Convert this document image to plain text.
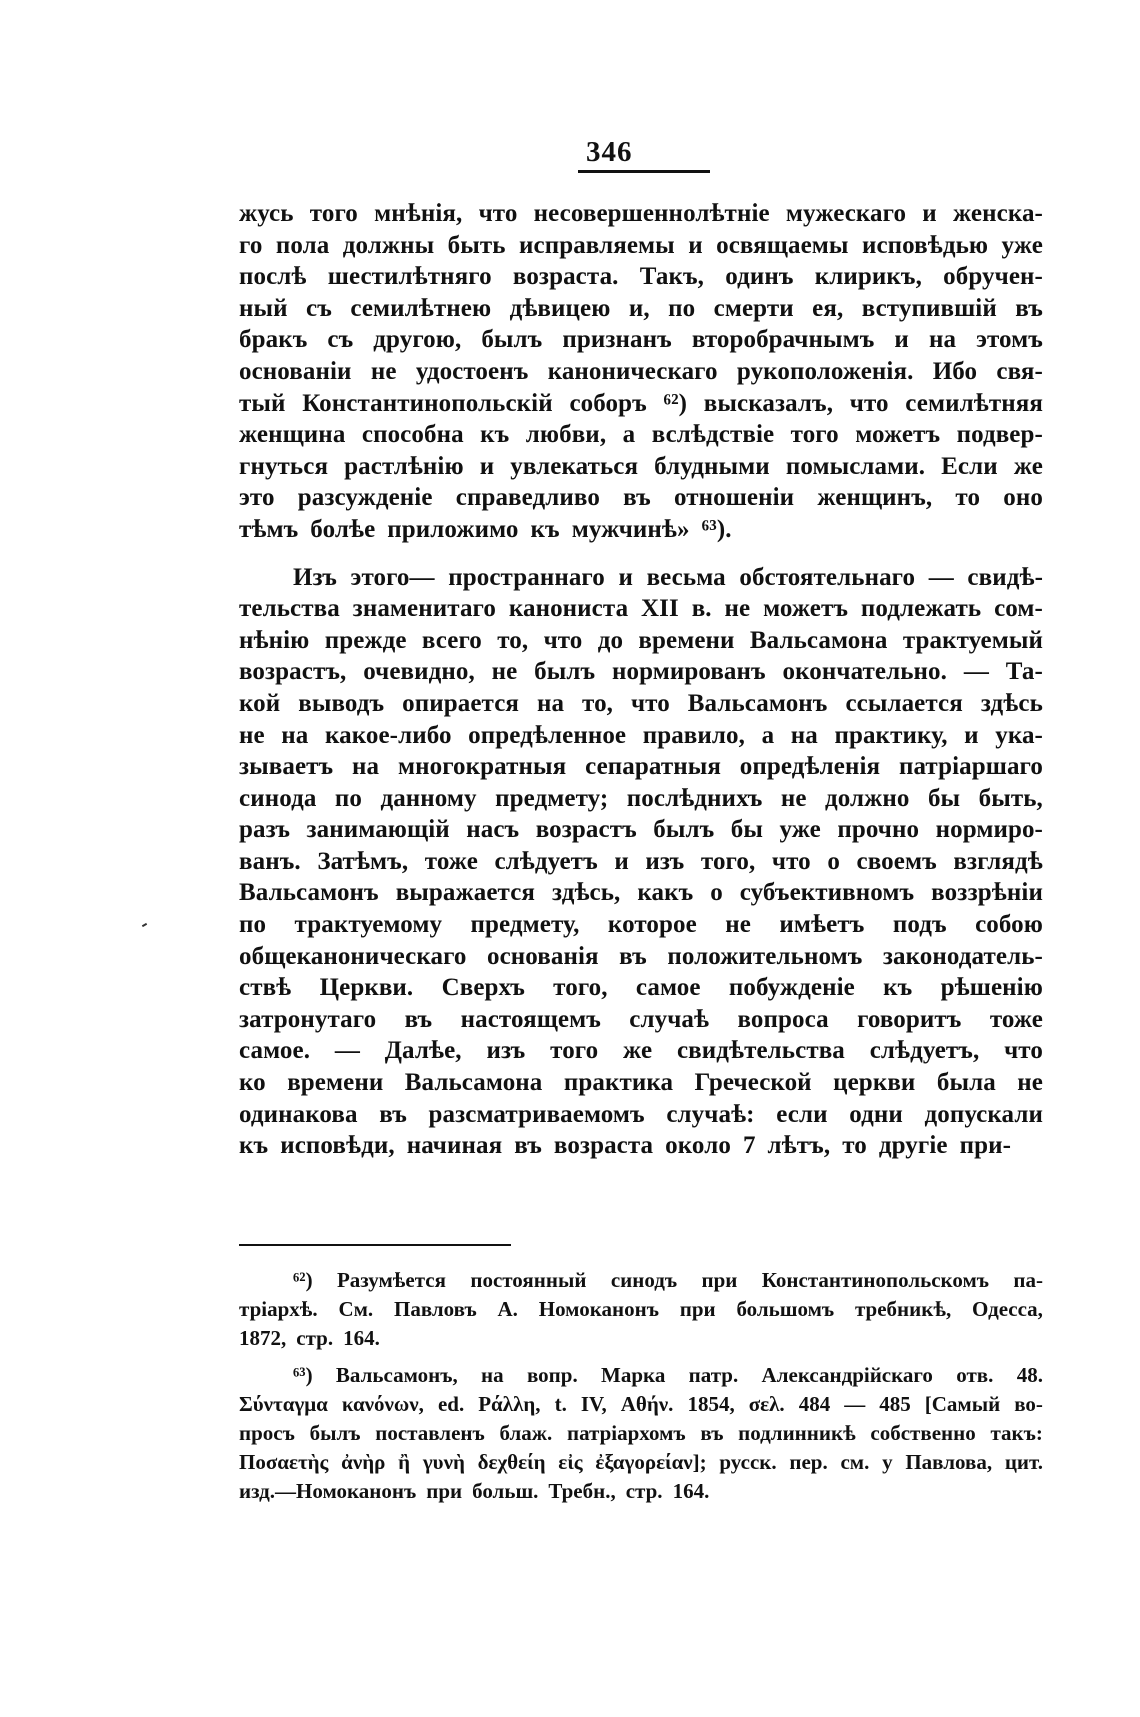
346
жусь того мнѣнія, что несовершеннолѣтніе мужескаго и женска-
го пола должны быть исправляемы и освящаемы исповѣдью уже
послѣ шестилѣтняго возраста. Такъ, одинъ клирикъ, обручен-
ный съ семилѣтнею дѣвицею и, по смерти ея, вступившій въ
бракъ съ другою, былъ признанъ второбрачнымъ и на этомъ
основаніи не удостоенъ каноническаго рукоположенія. Ибо свя-
тый Константинопольскій соборъ ⁶²) высказалъ, что семилѣтняя
женщина способна къ любви, а вслѣдствіе того можетъ подвер-
гнуться растлѣнію и увлекаться блудными помыслами. Если же
это разсужденіе справедливо въ отношеніи женщинъ, то оно
тѣмъ болѣе приложимо къ мужчинѣ» ⁶³).
Изъ этого— пространнаго и весьма обстоятельнаго — свидѣ-
тельства знаменитаго канониста XII в. не можетъ подлежать сом-
нѣнію прежде всего то, что до времени Вальсамона трактуемый
возрастъ, очевидно, не былъ нормированъ окончательно. — Та-
кой выводъ опирается на то, что Вальсамонъ ссылается здѣсь
не на какое-либо опредѣленное правило, а на практику, и ука-
зываетъ на многократныя сепаратныя опредѣленія патріаршаго
синода по данному предмету; послѣднихъ не должно бы быть,
разъ занимающій насъ возрастъ былъ бы уже прочно нормиро-
ванъ. Затѣмъ, тоже слѣдуетъ и изъ того, что о своемъ взглядѣ
Вальсамонъ выражается здѣсь, какъ о субъективномъ воззрѣніи
по трактуемому предмету, которое не имѣетъ подъ собою
общеканоническаго основанія въ положительномъ законодатель-
ствѣ Церкви. Сверхъ того, самое побужденіе къ рѣшенію
затронутаго въ настоящемъ случаѣ вопроса говоритъ тоже
самое. — Далѣе, изъ того же свидѣтельства слѣдуетъ, что
ко времени Вальсамона практика Греческой церкви была не
одинакова въ разсматриваемомъ случаѣ: если одни допускали
къ исповѣди, начиная въ возраста около 7 лѣтъ, то другіе при-
⁶²) Разумѣется постоянный синодъ при Константинопольскомъ па-
тріархѣ. См. Павловъ А. Номоканонъ при большомъ требникѣ, Одесса,
1872, стр. 164.
⁶³) Вальсамонъ, на вопр. Марка патр. Александрійскаго отв. 48.
Σύνταγμα κανόνων, ed. Ράλλη, t. IV, Αθήν. 1854, σελ. 484 — 485 [Самый во-
просъ былъ поставленъ блаж. патріархомъ въ подлинникѣ собственно такъ:
Ποσαετὴς ἀνὴρ ἢ γυνὴ δεχθείη εἰς ἐξαγορείαν]; русск. пер. см. у Павлова, цит.
изд.—Номоканонъ при больш. Требн., стр. 164.
